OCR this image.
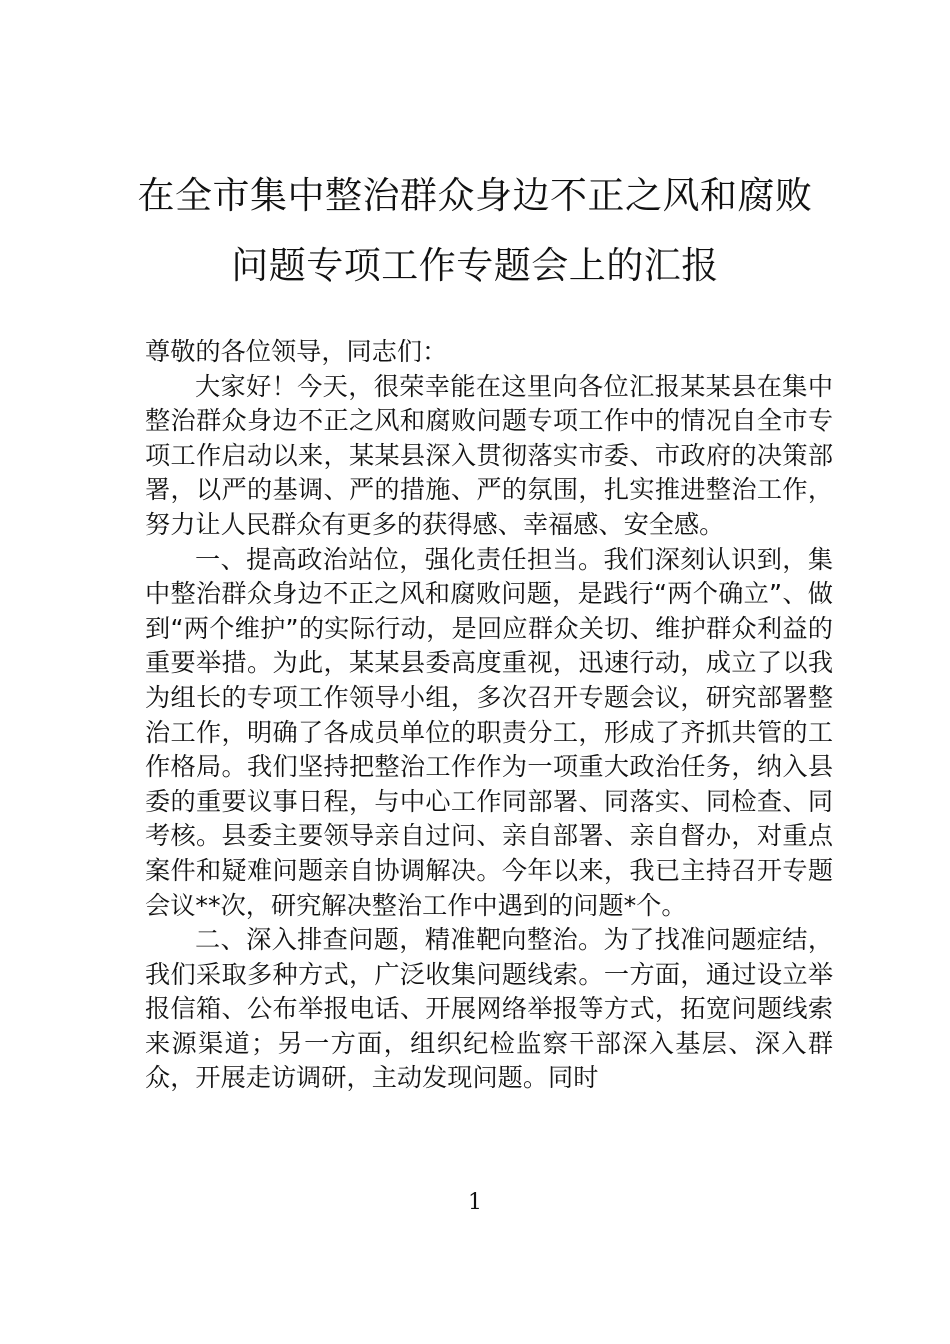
在全市集中整治群众身边不正之风和腐败
问题专项工作专题会上的汇报

尊敬的各位领导，同志们：

大家好！今天，很荣幸能在这里向各位汇报某某县在集中整治群众身边不正之风和腐败问题专项工作中的情况自全市专项工作启动以来，某某县深入贯彻落实市委、市政府的决策部署，以严的基调、严的措施、严的氛围，扎实推进整治工作，努力让人民群众有更多的获得感、幸福感、安全感。

一、提高政治站位，强化责任担当。我们深刻认识到，集中整治群众身边不正之风和腐败问题，是践行“两个确立”、做到“两个维护”的实际行动，是回应群众关切、维护群众利益的重要举措。为此，某某县委高度重视，迅速行动，成立了以我为组长的专项工作领导小组，多次召开专题会议，研究部署整治工作，明确了各成员单位的职责分工，形成了齐抓共管的工作格局。我们坚持把整治工作作为一项重大政治任务，纳入县委的重要议事日程，与中心工作同部署、同落实、同检查、同考核。县委主要领导亲自过问、亲自部署、亲自督办，对重点案件和疑难问题亲自协调解决。今年以来，我已主持召开专题会议**次，研究解决整治工作中遇到的问题*个。

二、深入排查问题，精准靶向整治。为了找准问题症结，我们采取多种方式，广泛收集问题线索。一方面，通过设立举报信箱、公布举报电话、开展网络举报等方式，拓宽问题线索来源渠道；另一方面，组织纪检监察干部深入基层、深入群众，开展走访调研，主动发现问题。同时

1
